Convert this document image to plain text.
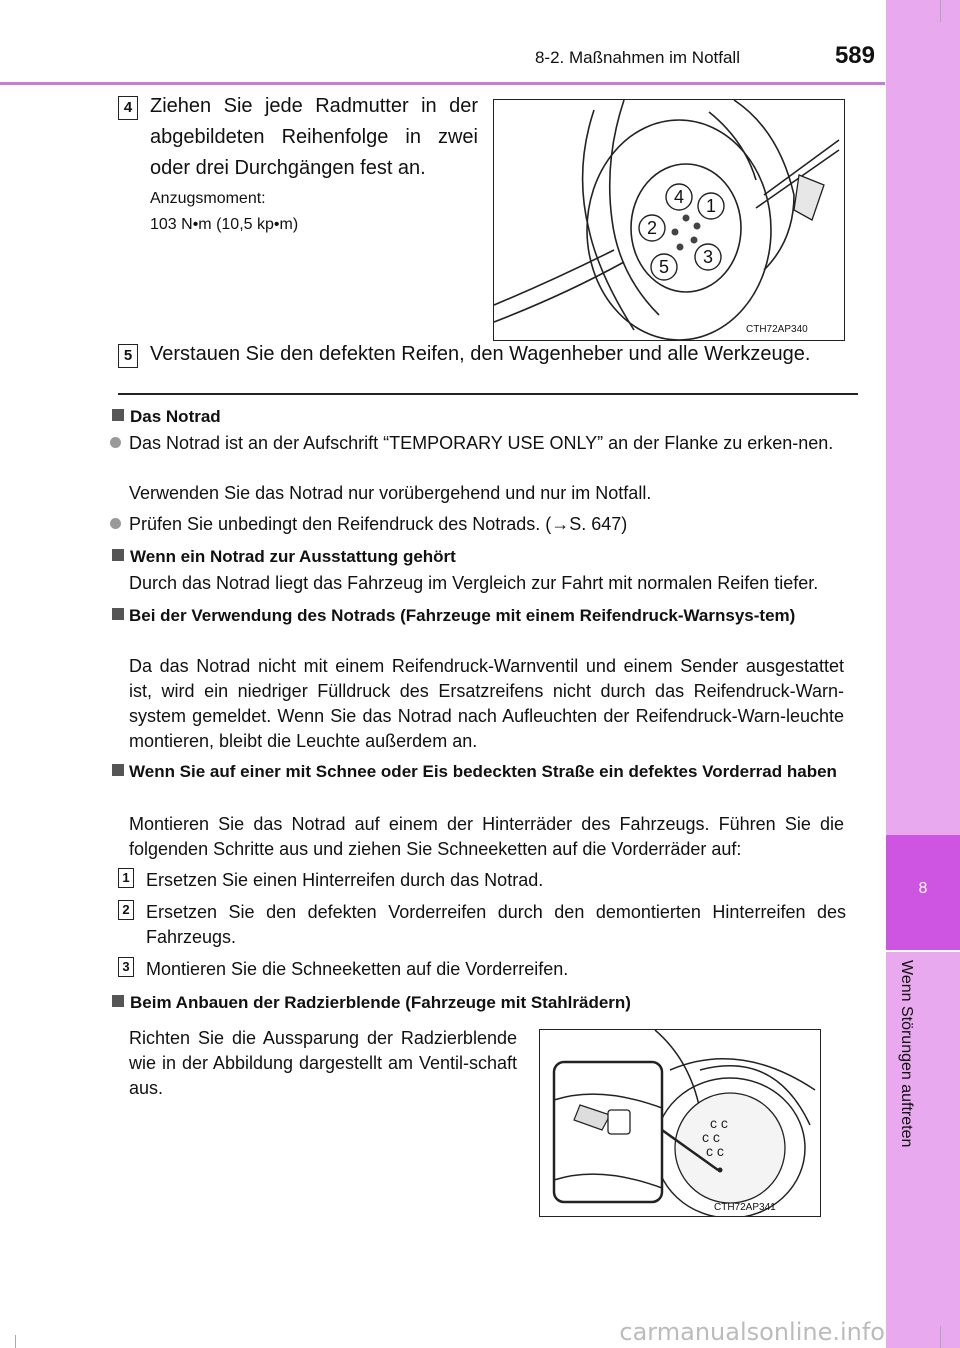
8-2. Maßnahmen im Notfall	589
8
Wenn Störungen auftreten
4 Ziehen Sie jede Radmutter in der abgebildeten Reihenfolge in zwei oder drei Durchgängen fest an.
Anzugsmoment:
103 N•m (10,5 kp•m)
1
2
3
4
5
CTH72AP340
5 Verstauen Sie den defekten Reifen, den Wagenheber und alle Werkzeuge.
Das Notrad
Das Notrad ist an der Aufschrift “TEMPORARY USE ONLY” an der Flanke zu erken-nen.
Verwenden Sie das Notrad nur vorübergehend und nur im Notfall.
Prüfen Sie unbedingt den Reifendruck des Notrads. (→S. 647)
Wenn ein Notrad zur Ausstattung gehört
Durch das Notrad liegt das Fahrzeug im Vergleich zur Fahrt mit normalen Reifen tiefer.
Bei der Verwendung des Notrads (Fahrzeuge mit einem Reifendruck-Warnsys-tem)
Da das Notrad nicht mit einem Reifendruck-Warnventil und einem Sender ausgestattet ist, wird ein niedriger Fülldruck des Ersatzreifens nicht durch das Reifendruck-Warn-system gemeldet. Wenn Sie das Notrad nach Aufleuchten der Reifendruck-Warn-leuchte montieren, bleibt die Leuchte außerdem an.
Wenn Sie auf einer mit Schnee oder Eis bedeckten Straße ein defektes Vorderrad haben
Montieren Sie das Notrad auf einem der Hinterräder des Fahrzeugs. Führen Sie die folgenden Schritte aus und ziehen Sie Schneeketten auf die Vorderräder auf:
1 Ersetzen Sie einen Hinterreifen durch das Notrad.
2 Ersetzen Sie den defekten Vorderreifen durch den demontierten Hinterreifen des Fahrzeugs.
3 Montieren Sie die Schneeketten auf die Vorderreifen.
Beim Anbauen der Radzierblende (Fahrzeuge mit Stahlrädern)
Richten Sie die Aussparung der Radzierblende wie in der Abbildung dargestellt am Ventil-schaft aus.
c c
c c
c c
CTH72AP341
carmanualsonline.info
